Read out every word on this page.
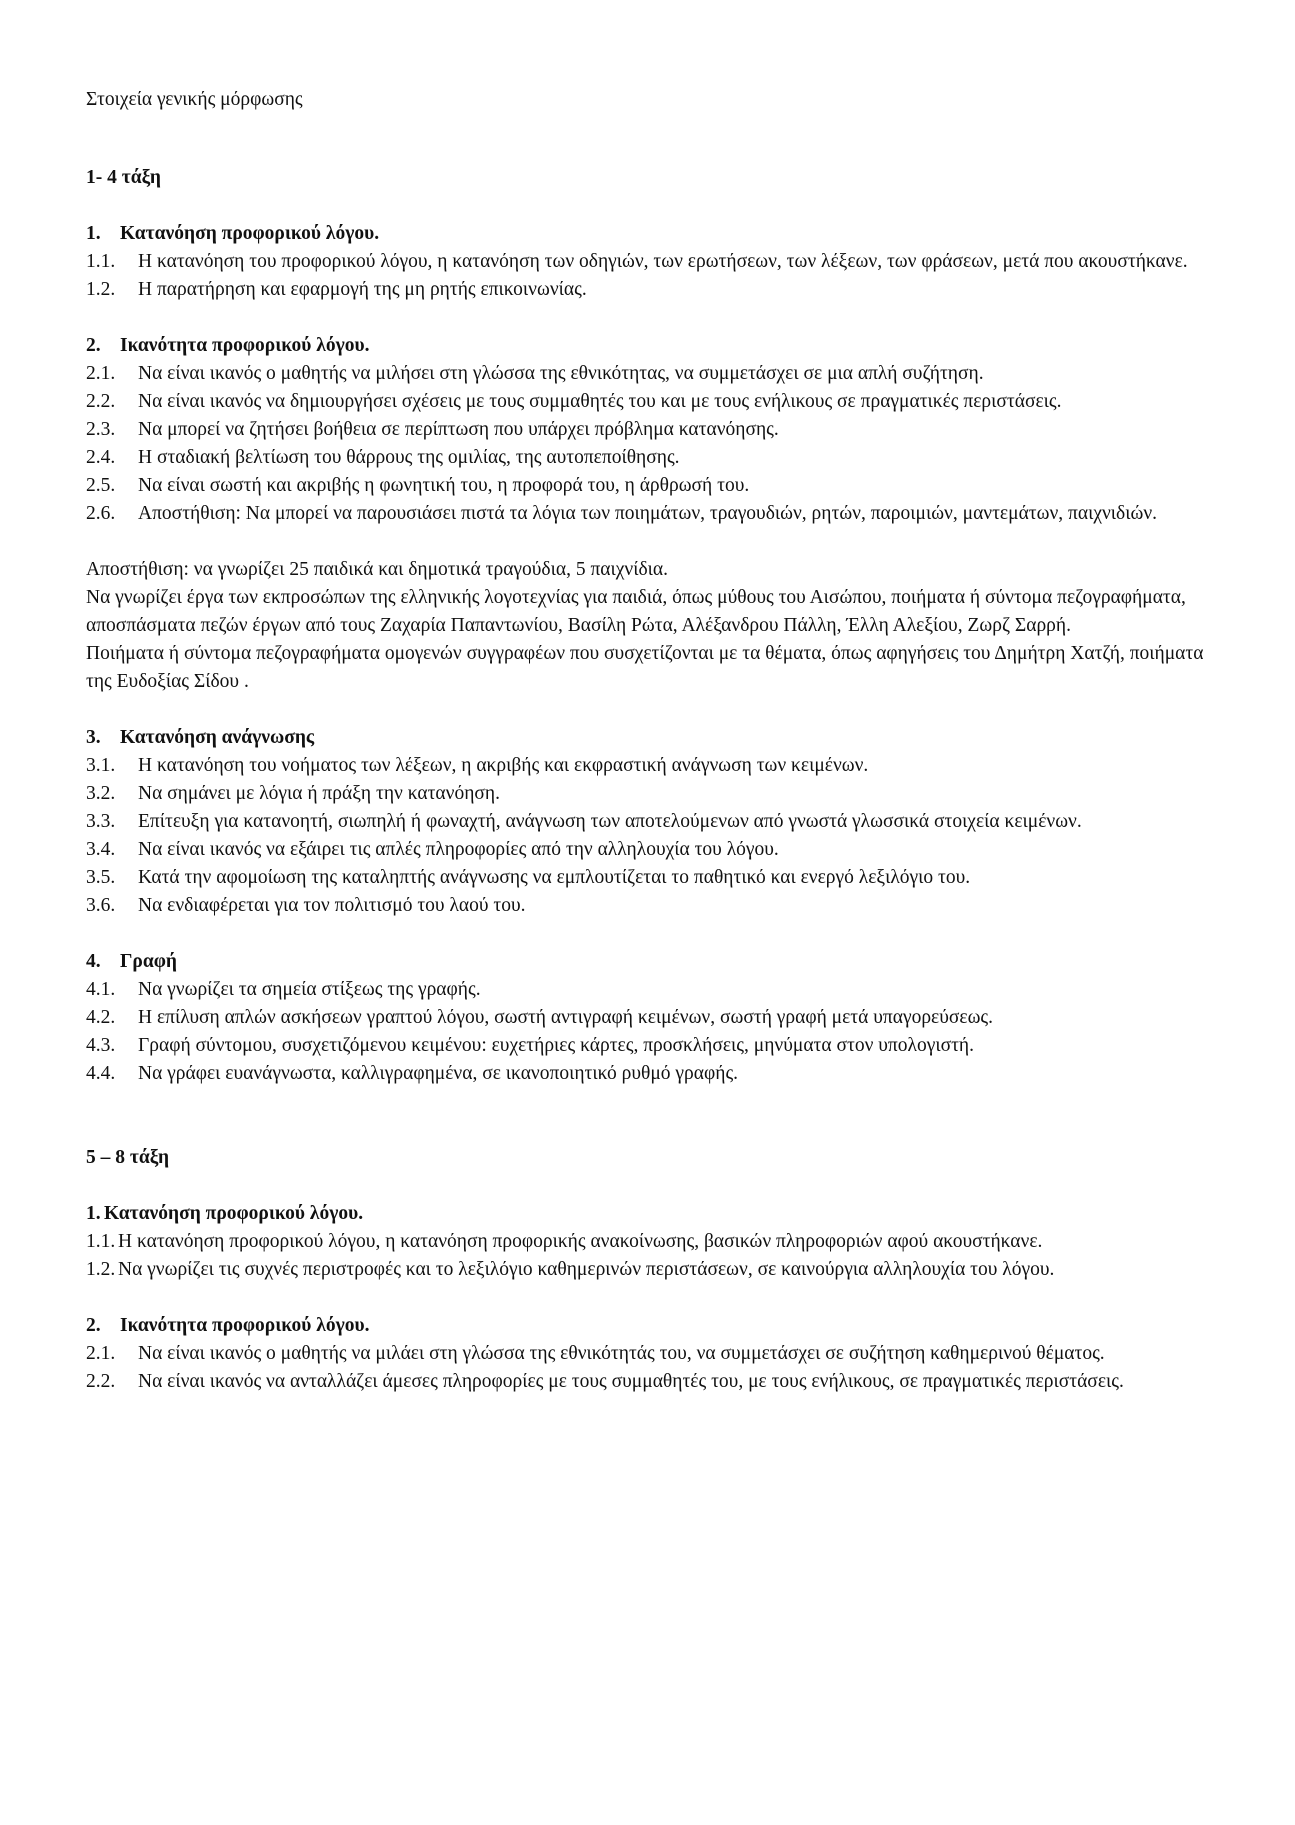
Στοιχεία γενικής μόρφωσης
1- 4 τάξη
1. Κατανόηση προφορικού λόγου.
1.1.	Η κατανόηση του προφορικού λόγου, η κατανόηση των οδηγιών, των ερωτήσεων, των λέξεων, των φράσεων, μετά που ακουστήκανε.
1.2.	Η παρατήρηση και εφαρμογή της μη ρητής επικοινωνίας.
2. Ικανότητα προφορικού λόγου.
2.1.	Να είναι ικανός ο μαθητής να μιλήσει στη γλώσσα της εθνικότητας, να συμμετάσχει σε μια απλή συζήτηση.
2.2.	Να είναι ικανός να δημιουργήσει σχέσεις με τους συμμαθητές του και με τους ενήλικους σε πραγματικές περιστάσεις.
2.3.	Να μπορεί να ζητήσει βοήθεια σε περίπτωση που υπάρχει πρόβλημα κατανόησης.
2.4.	Η σταδιακή βελτίωση του θάρρους της ομιλίας, της αυτοπεποίθησης.
2.5.	Να είναι σωστή και ακριβής η φωνητική του, η προφορά του, η άρθρωσή του.
2.6.	Αποστήθιση: Να μπορεί να παρουσιάσει πιστά τα λόγια των ποιημάτων, τραγουδιών, ρητών, παροιμιών, μαντεμάτων, παιχνιδιών.

Αποστήθιση: να γνωρίζει 25 παιδικά και δημοτικά τραγούδια, 5 παιχνίδια.

Να γνωρίζει έργα των εκπροσώπων της ελληνικής λογοτεχνίας για παιδιά, όπως μύθους του Αισώπου, ποιήματα ή σύντομα πεζογραφήματα, αποσπάσματα πεζών έργων από τους Ζαχαρία Παπαντωνίου, Βασίλη Ρώτα, Αλέξανδρου Πάλλη, Έλλη Αλεξίου, Ζωρζ Σαρρή.

Ποιήματα ή σύντομα πεζογραφήματα ομογενών συγγραφέων που συσχετίζονται με τα θέματα, όπως αφηγήσεις του Δημήτρη Χατζή, ποιήματα της Ευδοξίας Σίδου .

3. Κατανόηση ανάγνωσης
3.1.	Η κατανόηση του νοήματος των λέξεων, η ακριβής και εκφραστική ανάγνωση των κειμένων.
3.2.	Να σημάνει με λόγια ή πράξη την κατανόηση.
3.3.	Επίτευξη για κατανοητή, σιωπηλή ή φωναχτή, ανάγνωση των αποτελούμενων από γνωστά γλωσσικά στοιχεία κειμένων.
3.4.	Να είναι ικανός να εξάιρει τις απλές πληροφορίες από την αλληλουχία του λόγου.
3.5.	Κατά την αφομοίωση της καταληπτής ανάγνωσης να εμπλουτίζεται το παθητικό και ενεργό λεξιλόγιο του.
3.6.	Να ενδιαφέρεται για τον πολιτισμό του λαού του.
4. Γραφή
4.1.	Να γνωρίζει τα σημεία στίξεως της γραφής.
4.2.	Η επίλυση απλών ασκήσεων γραπτού λόγου, σωστή αντιγραφή κειμένων, σωστή γραφή μετά υπαγορεύσεως.
4.3.	Γραφή σύντομου, συσχετιζόμενου κειμένου: ευχετήριες κάρτες, προσκλήσεις, μηνύματα στον υπολογιστή.
4.4.	Να γράφει ευανάγνωστα, καλλιγραφημένα, σε ικανοποιητικό ρυθμό γραφής.
5 – 8 τάξη
1. Κατανόηση προφορικού λόγου.
1.1. Η κατανόηση προφορικού λόγου, η κατανόηση προφορικής ανακοίνωσης, βασικών πληροφοριών αφού ακουστήκανε.
1.2. Να γνωρίζει τις συχνές περιστροφές και το λεξιλόγιο καθημερινών περιστάσεων, σε καινούργια αλληλουχία του λόγου.
2. Ικανότητα προφορικού λόγου.
2.1.	Να είναι ικανός ο μαθητής να μιλάει στη γλώσσα της εθνικότητάς του, να συμμετάσχει σε συζήτηση καθημερινού θέματος.
2.2.	Να είναι ικανός να ανταλλάζει άμεσες πληροφορίες με τους συμμαθητές του, με τους ενήλικους, σε πραγματικές περιστάσεις.
